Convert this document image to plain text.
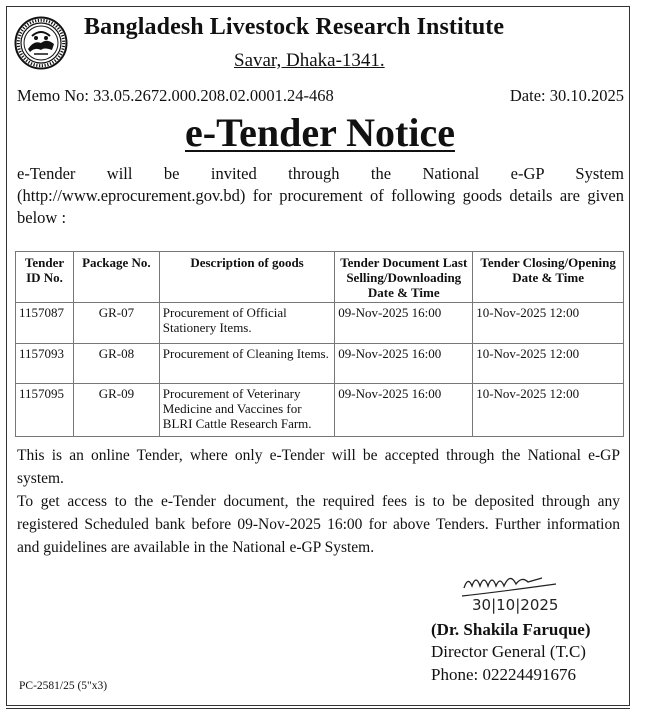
Bangladesh Livestock Research Institute
Savar, Dhaka-1341.
Memo No: 33.05.2672.000.208.02.0001.24-468	Date: 30.10.2025
e-Tender Notice
e-Tender will be invited through the National e-GP System (http://www.eprocurement.gov.bd) for procurement of following goods details are given below :
Tender ID No.	Package No.	Description of goods	Tender Document Last Selling/Downloading Date & Time	Tender Closing/Opening Date & Time
1157087	GR-07	Procurement of Official Stationery Items.	09-Nov-2025 16:00	10-Nov-2025 12:00
1157093	GR-08	Procurement of Cleaning Items.	09-Nov-2025 16:00	10-Nov-2025 12:00
1157095	GR-09	Procurement of Veterinary Medicine and Vaccines for BLRI Cattle Research Farm.	09-Nov-2025 16:00	10-Nov-2025 12:00

This is an online Tender, where only e-Tender will be accepted through the National e-GP system.

To get access to the e-Tender document, the required fees is to be deposited through any registered Scheduled bank before 09-Nov-2025 16:00 for above Tenders. Further information and guidelines are available in the National e-GP System.

30|10|2025
(Dr. Shakila Faruque)
Director General (T.C)
Phone: 02224491676
PC-2581/25 (5"x3)
